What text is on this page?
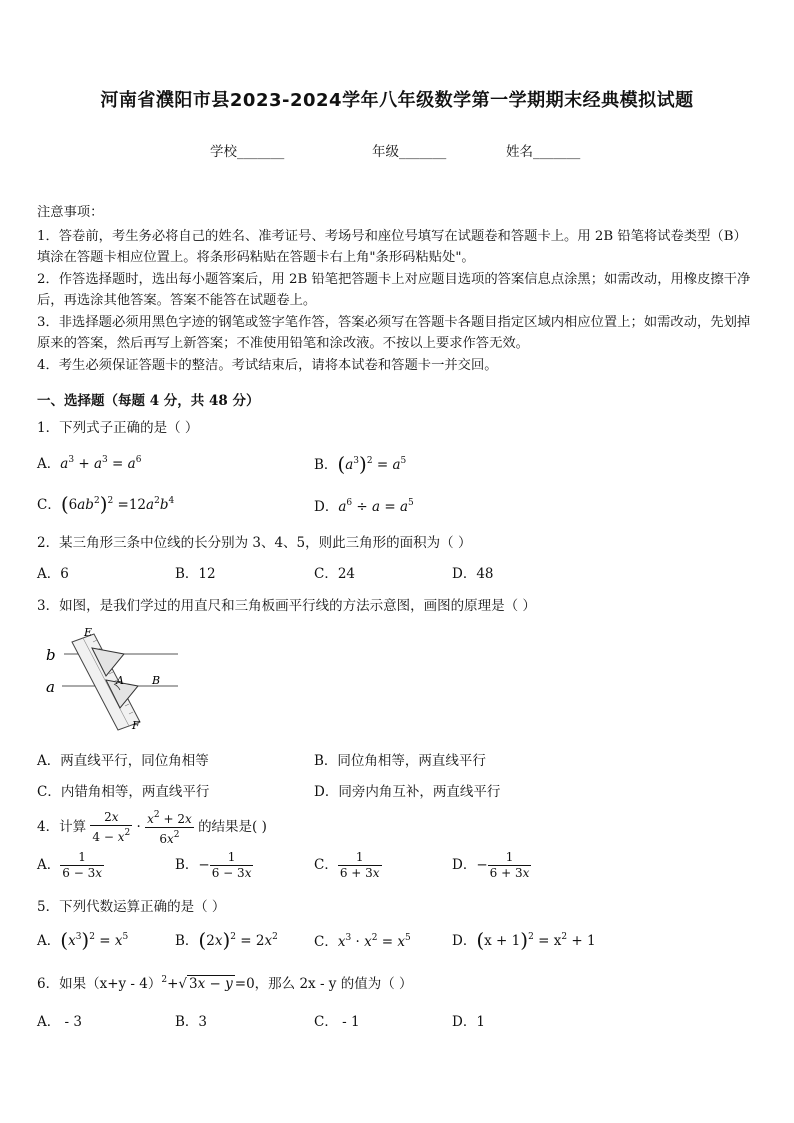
河南省濮阳市县2023-2024学年八年级数学第一学期期末经典模拟试题
学校_______	年级_______	姓名_______

注意事项：

1．答卷前，考生务必将自己的姓名、准考证号、考场号和座位号填写在试题卷和答题卡上。用 2B 铅笔将试卷类型（B）填涂在答题卡相应位置上。将条形码粘贴在答题卡右上角"条形码粘贴处"。

2．作答选择题时，选出每小题答案后，用 2B 铅笔把答题卡上对应题目选项的答案信息点涂黑；如需改动，用橡皮擦干净后，再选涂其他答案。答案不能答在试题卷上。

3．非选择题必须用黑色字迹的钢笔或签字笔作答，答案必须写在答题卡各题目指定区域内相应位置上；如需改动，先划掉原来的答案，然后再写上新答案；不准使用铅笔和涂改液。不按以上要求作答无效。

4．考生必须保证答题卡的整洁。考试结束后，请将本试卷和答题卡一并交回。

一、选择题（每题 4 分，共 48 分）
1．下列式子正确的是（ ）
A．$a^3 + a^3 = a^6$	B．$(a^3)^2 = a^5$
C．$(6ab^2)^2 =12a^2b^4$	D．$a^6 \div a = a^5$
2．某三角形三条中位线的长分别为 3、4、5，则此三角形的面积为（ ）
A．6	B．12	C．24	D．48
3．如图，是我们学过的用直尺和三角板画平行线的方法示意图，画图的原理是（ ）
b
a
E
A	B
F
A．两直线平行，同位角相等	B．同位角相等，两直线平行
C．内错角相等，两直线平行	D．同旁内角互补，两直线平行
4．计算 $\frac{2x}{4 - x^2} \cdot \frac{x^2 + 2x}{6x^2}$ 的结果是( )
A． $\frac{1}{6 - 3x}$	B．− $\frac{1}{6 - 3x}$	C． $\frac{1}{6 + 3x}$	D．− $\frac{1}{6 + 3x}$
5．下列代数运算正确的是（ ）
A．$(x^3)^2 = x^5$	B．$(2x)^2 = 2x^2$	C．$x^3 \cdot x^2 = x^5$	D．$(x + 1)^2 = x^2 + 1$
6．如果$(x+y - 4)^2+√$ 3x − y =0，那么 2x - y 的值为（ ）
A． - 3	B．3	C． - 1	D．1
